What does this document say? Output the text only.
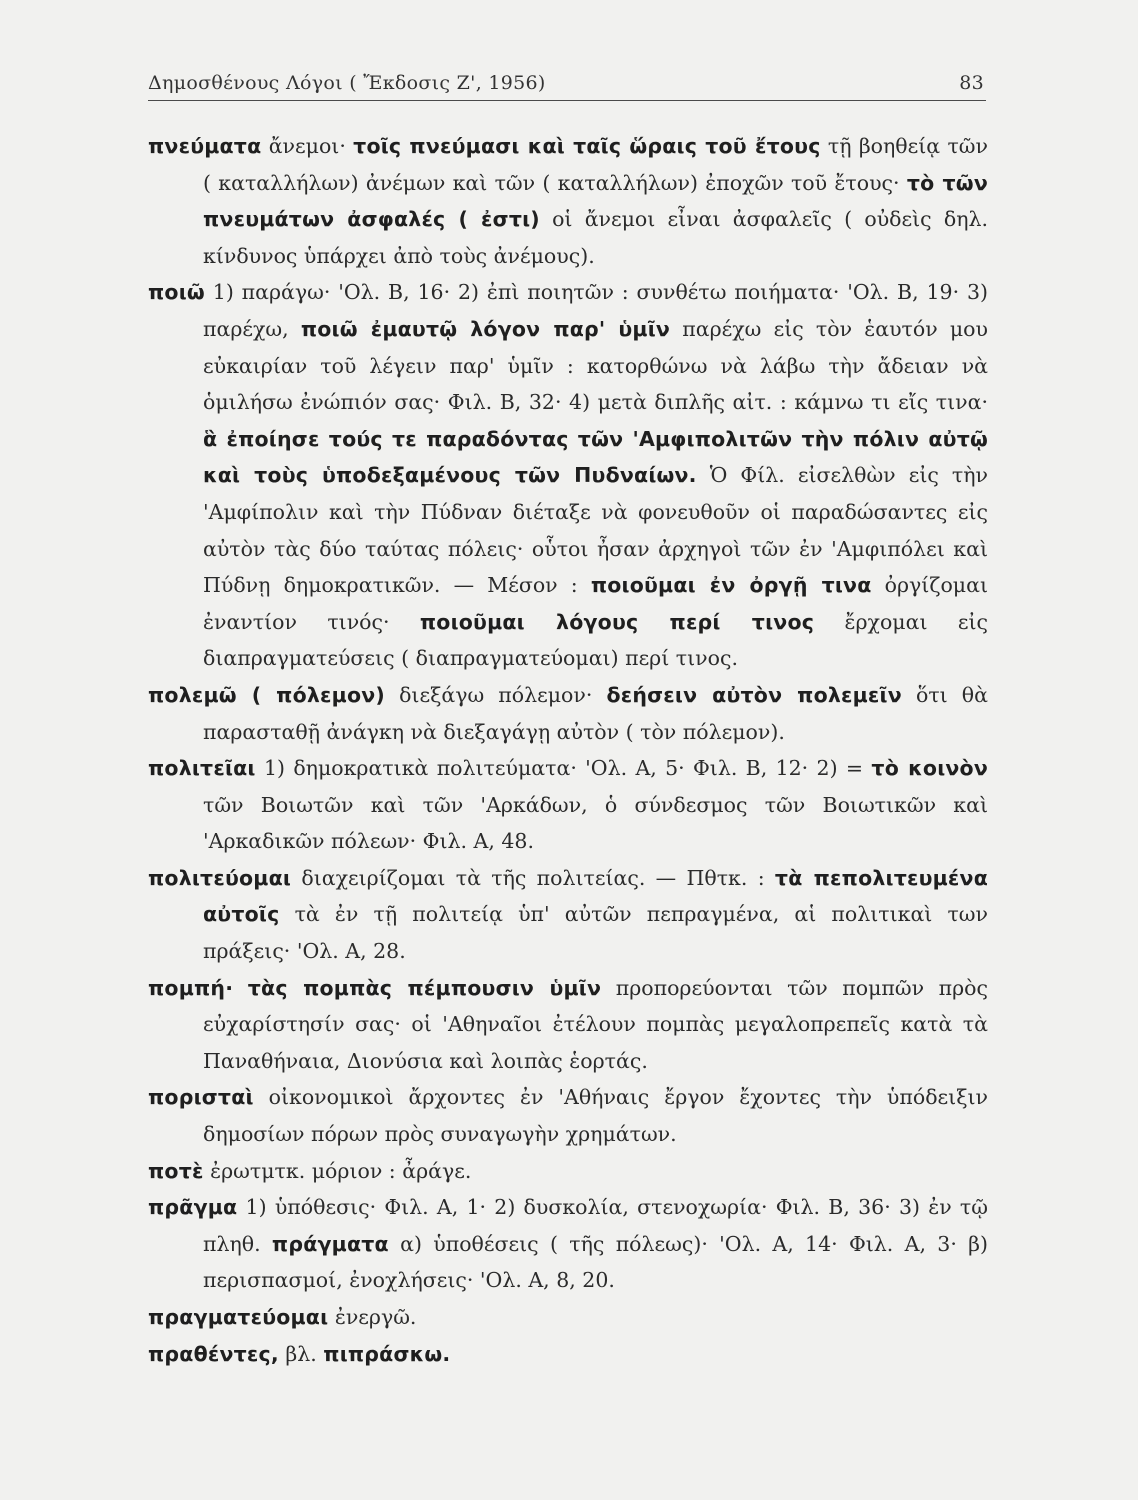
Δημοσθένους Λόγοι ( Ἔκδοσις Ζ', 1956)	83
πνεύματα ἄνεμοι· τοῖς πνεύμασι καὶ ταῖς ὥραις τοῦ ἔτους τῇ βοηθείᾳ τῶν ( καταλλήλων) ἀνέμων καὶ τῶν ( καταλλήλων) ἐποχῶν τοῦ ἔτους· τὸ τῶν πνευμάτων ἀσφαλές ( ἐστι) οἱ ἄνεμοι εἶναι ἀσφαλεῖς ( οὐδεὶς δηλ. κίνδυνος ὑπάρχει ἀπὸ τοὺς ἀνέμους).
ποιῶ 1) παράγω· 'Ολ. Β, 16· 2) ἐπὶ ποιητῶν : συνθέτω ποιήματα· 'Ολ. Β, 19· 3) παρέχω, ποιῶ ἐμαυτῷ λόγον παρ' ὑμῖν παρέχω εἰς τὸν ἑαυτόν μου εὐκαιρίαν τοῦ λέγειν παρ' ὑμῖν : κατορθώνω νὰ λάβω τὴν ἄδειαν νὰ ὁμιλήσω ἐνώπιόν σας· Φιλ. Β, 32· 4) μετὰ διπλῆς αἰτ. : κάμνω τι εἴς τινα· ἃ ἐποίησε τούς τε παραδόντας τῶν 'Αμφιπολιτῶν τὴν πόλιν αὐτῷ καὶ τοὺς ὑποδεξαμένους τῶν Πυδναίων. Ὁ Φίλ. εἰσελθὼν εἰς τὴν 'Αμφίπολιν καὶ τὴν Πύδναν διέταξε νὰ φονευθοῦν οἱ παραδώσαντες εἰς αὐτὸν τὰς δύο ταύτας πόλεις· οὗτοι ἦσαν ἀρχηγοὶ τῶν ἐν 'Αμφιπόλει καὶ Πύδνῃ δημοκρατικῶν. — Μέσον : ποιοῦμαι ἐν ὀργῇ τινα ὀργίζομαι ἐναντίον τινός· ποιοῦμαι λόγους περί τινος ἔρχομαι εἰς διαπραγματεύσεις ( διαπραγματεύομαι) περί τινος.
πολεμῶ ( πόλεμον) διεξάγω πόλεμον· δεήσειν αὐτὸν πολεμεῖν ὅτι θὰ παρασταθῇ ἀνάγκη νὰ διεξαγάγῃ αὐτὸν ( τὸν πόλεμον).
πολιτεῖαι 1) δημοκρατικὰ πολιτεύματα· 'Ολ. Α, 5· Φιλ. Β, 12· 2) = τὸ κοινὸν τῶν Βοιωτῶν καὶ τῶν 'Αρκάδων, ὁ σύνδεσμος τῶν Βοιωτικῶν καὶ 'Αρκαδικῶν πόλεων· Φιλ. Α, 48.
πολιτεύομαι διαχειρίζομαι τὰ τῆς πολιτείας. — Πθτκ. : τὰ πεπολιτευμένα αὐτοῖς τὰ ἐν τῇ πολιτείᾳ ὑπ' αὐτῶν πεπραγμένα, αἱ πολιτικαὶ των πράξεις· 'Ολ. Α, 28.
πομπή· τὰς πομπὰς πέμπουσιν ὑμῖν προπορεύονται τῶν πομπῶν πρὸς εὐχαρίστησίν σας· οἱ 'Αθηναῖοι ἐτέλουν πομπὰς μεγαλοπρεπεῖς κατὰ τὰ Παναθήναια, Διονύσια καὶ λοιπὰς ἑορτάς.
πορισταὶ οἰκονομικοὶ ἄρχοντες ἐν 'Αθήναις ἔργον ἔχοντες τὴν ὑπόδειξιν δημοσίων πόρων πρὸς συναγωγὴν χρημάτων.
ποτὲ ἐρωτμτκ. μόριον : ἆράγε.
πρᾶγμα 1) ὑπόθεσις· Φιλ. Α, 1· 2) δυσκολία, στενοχωρία· Φιλ. Β, 36· 3) ἐν τῷ πληθ. πράγματα α) ὑποθέσεις ( τῆς πόλεως)· 'Ολ. Α, 14· Φιλ. Α, 3· β) περισπασμοί, ἐνοχλήσεις· 'Ολ. Α, 8, 20.
πραγματεύομαι ἐνεργῶ.
πραθέντες, βλ. πιπράσκω.
